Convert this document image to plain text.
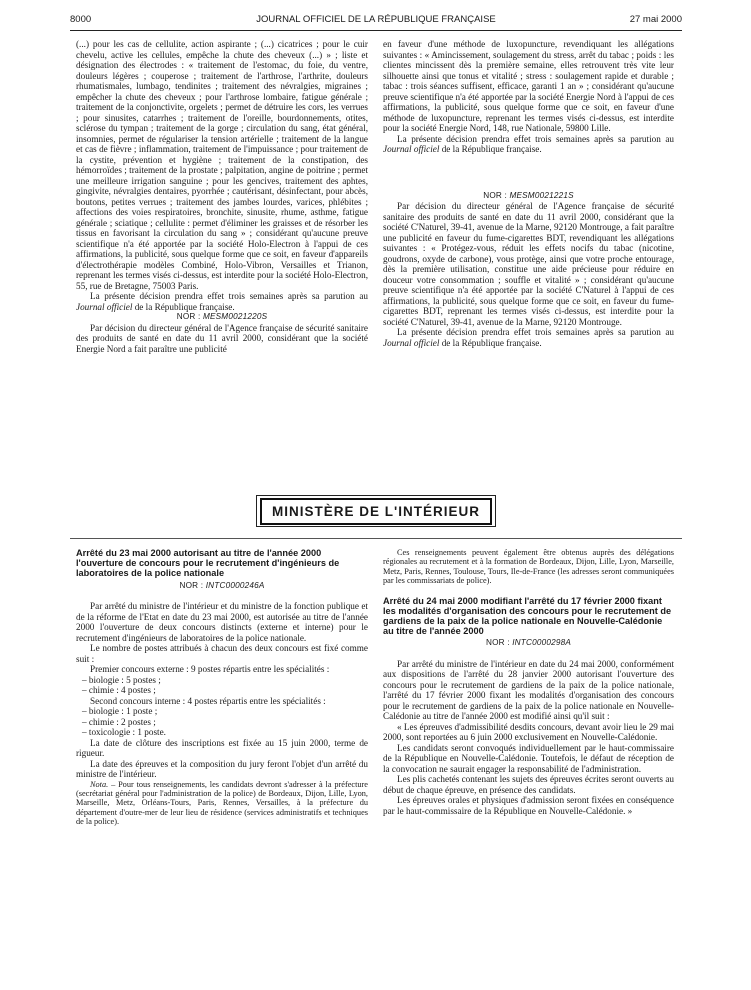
8000	JOURNAL OFFICIEL DE LA RÉPUBLIQUE FRANÇAISE	27 mai 2000

(...) pour les cas de cellulite, action aspirante ; (...) cicatrices ; pour le cuir chevelu, active les cellules, empêche la chute des cheveux (...) » ; liste et désignation des électrodes : « traitement de l'estomac, du foie, du ventre, douleurs légères ; couperose ; traitement de l'arthrose, l'arthrite, douleurs rhumatismales, lumbago, tendinites ; traitement des névralgies, migraines ; empêcher la chute des cheveux ; pour l'arthrose lombaire, fatigue générale ; traitement de la conjonctivite, orgelets ; permet de détruire les cors, les verrues ; pour sinusites, catarrhes ; traitement de l'oreille, bourdonnements, otites, sclérose du tympan ; traitement de la gorge ; circulation du sang, état général, insomnies, permet de régulariser la tension artérielle ; traitement de la langue et cas de fièvre ; inflammation, traitement de l'impuissance ; pour traitement de la cystite, prévention et hygiène ; traitement de la constipation, des hémorroïdes ; traitement de la prostate ; palpitation, angine de poitrine ; permet une meilleure irrigation sanguine ; pour les gencives, traitement des aphtes, gingivite, névralgies dentaires, pyorrhée ; cautérisant, désinfectant, pour abcès, boutons, petites verrues ; traitement des jambes lourdes, varices, phlébites ; affections des voies respiratoires, bronchite, sinusite, rhume, asthme, fatigue générale ; sciatique ; cellulite : permet d'éliminer les graisses et de résorber les tissus en favorisant la circulation du sang » ; considérant qu'aucune preuve scientifique n'a été apportée par la société Holo-Electron à l'appui de ces affirmations, la publicité, sous quelque forme que ce soit, en faveur d'appareils d'électrothérapie modèles Combiné, Holo-Vibron, Versailles et Trianon, reprenant les termes visés ci-dessus, est interdite pour la société Holo-Electron, 55, rue de Bretagne, 75003 Paris.

La présente décision prendra effet trois semaines après sa parution au Journal officiel de la République française.

NOR : MESM0021220S

Par décision du directeur général de l'Agence française de sécurité sanitaire des produits de santé en date du 11 avril 2000, considérant que la société Energie Nord a fait paraître une publicité

en faveur d'une méthode de luxopuncture, revendiquant les allégations suivantes : « Amincissement, soulagement du stress, arrêt du tabac ; poids : les clientes mincissent dès la première semaine, elles retrouvent très vite leur silhouette ainsi que tonus et vitalité ; stress : soulagement rapide et durable ; tabac : trois séances suffisent, efficace, garanti 1 an » ; considérant qu'aucune preuve scientifique n'a été apportée par la société Energie Nord à l'appui de ces affirmations, la publicité, sous quelque forme que ce soit, en faveur d'une méthode de luxopuncture, reprenant les termes visés ci-dessus, est interdite pour la société Energie Nord, 148, rue Nationale, 59800 Lille.

La présente décision prendra effet trois semaines après sa parution au Journal officiel de la République française.

NOR : MESM0021221S

Par décision du directeur général de l'Agence française de sécurité sanitaire des produits de santé en date du 11 avril 2000, considérant que la société C'Naturel, 39-41, avenue de la Marne, 92120 Montrouge, a fait paraître une publicité en faveur du fume-cigarettes BDT, revendiquant les allégations suivantes : « Protégez-vous, réduit les effets nocifs du tabac (nicotine, goudrons, oxyde de carbone), vous protège, ainsi que votre proche entourage, dès la première utilisation, constitue une aide précieuse pour réduire en douceur votre consommation ; souffle et vitalité » ; considérant qu'aucune preuve scientifique n'a été apportée par la société C'Naturel à l'appui de ces affirmations, la publicité, sous quelque forme que ce soit, en faveur du fume-cigarettes BDT, reprenant les termes visés ci-dessus, est interdite pour la société C'Naturel, 39-41, avenue de la Marne, 92120 Montrouge.

La présente décision prendra effet trois semaines après sa parution au Journal officiel de la République française.

MINISTÈRE DE L'INTÉRIEUR

Arrêté du 23 mai 2000 autorisant au titre de l'année 2000 l'ouverture de concours pour le recrutement d'ingénieurs de laboratoires de la police nationale

NOR : INTC0000246A

Par arrêté du ministre de l'intérieur et du ministre de la fonction publique et de la réforme de l'Etat en date du 23 mai 2000, est autorisée au titre de l'année 2000 l'ouverture de deux concours distincts (externe et interne) pour le recrutement d'ingénieurs de laboratoires de la police nationale.

Le nombre de postes attribués à chacun des deux concours est fixé comme suit :

Premier concours externe : 9 postes répartis entre les spécialités :

– biologie : 5 postes ;

– chimie : 4 postes ;

Second concours interne : 4 postes répartis entre les spécialités :

– biologie : 1 poste ;

– chimie : 2 postes ;

– toxicologie : 1 poste.

La date de clôture des inscriptions est fixée au 15 juin 2000, terme de rigueur.

La date des épreuves et la composition du jury feront l'objet d'un arrêté du ministre de l'intérieur.

Nota. – Pour tous renseignements, les candidats devront s'adresser à la préfecture (secrétariat général pour l'administration de la police) de Bordeaux, Dijon, Lille, Lyon, Marseille, Metz, Orléans-Tours, Paris, Rennes, Versailles, à la préfecture du département d'outre-mer de leur lieu de résidence (services administratifs et techniques de la police).

Ces renseignements peuvent également être obtenus auprès des délégations régionales au recrutement et à la formation de Bordeaux, Dijon, Lille, Lyon, Marseille, Metz, Paris, Rennes, Toulouse, Tours, Ile-de-France (les adresses seront communiquées par les commissariats de police).

Arrêté du 24 mai 2000 modifiant l'arrêté du 17 février 2000 fixant les modalités d'organisation des concours pour le recrutement de gardiens de la paix de la police nationale en Nouvelle-Calédonie au titre de l'année 2000

NOR : INTC0000298A

Par arrêté du ministre de l'intérieur en date du 24 mai 2000, conformément aux dispositions de l'arrêté du 28 janvier 2000 autorisant l'ouverture des concours pour le recrutement de gardiens de la paix de la police nationale, l'arrêté du 17 février 2000 fixant les modalités d'organisation des concours pour le recrutement de gardiens de la paix de la police nationale en Nouvelle-Calédonie au titre de l'année 2000 est modifié ainsi qu'il suit :

« Les épreuves d'admissibilité desdits concours, devant avoir lieu le 29 mai 2000, sont reportées au 6 juin 2000 exclusivement en Nouvelle-Calédonie.

Les candidats seront convoqués individuellement par le haut-commissaire de la République en Nouvelle-Calédonie. Toutefois, le défaut de réception de la convocation ne saurait engager la responsabilité de l'administration.

Les plis cachetés contenant les sujets des épreuves écrites seront ouverts au début de chaque épreuve, en présence des candidats.

Les épreuves orales et physiques d'admission seront fixées en conséquence par le haut-commissaire de la République en Nouvelle-Calédonie. »
